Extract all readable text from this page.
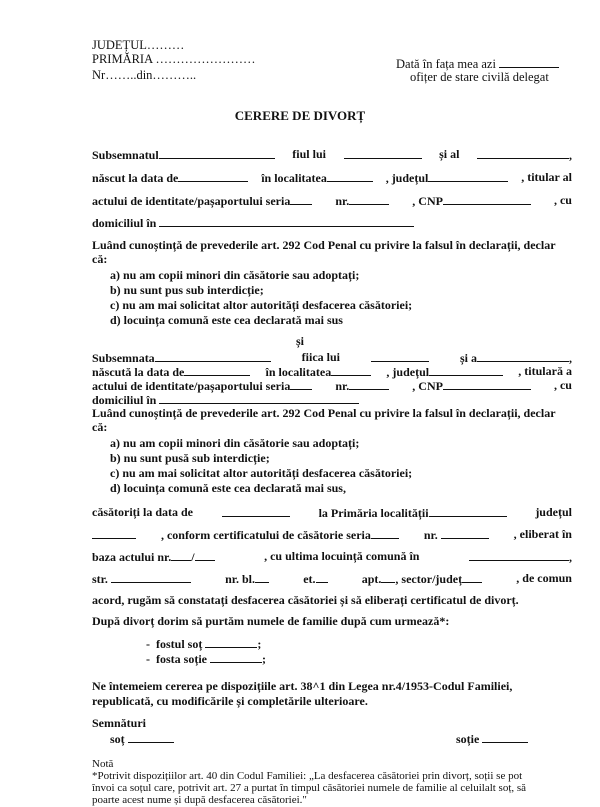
JUDEȚUL………
PRIMĂRIA ……………………
Nr……..din………..
Dată în fața mea azi
ofițer de stare civilă delegat
CERERE DE DIVORȚ
Subsemnatul	fiul lui	și al	,
născut la data de	în localitatea	, județul	, titular al
actului de identitate/pașaportului seria	nr.	, CNP	, cu
domiciliul în
Luând cunoștință de prevederile art. 292 Cod Penal cu privire la falsul în declarații, declar
că:
a) nu am copii minori din căsătorie sau adoptați;
b) nu sunt pus sub interdicție;
c) nu am mai solicitat altor autorități desfacerea căsătoriei;
d) locuința comună este cea declarată mai sus
și
Subsemnata	fiica lui	și a	,
născută la data de	în localitatea	, județul	, titulară a
actului de identitate/pașaportului seria	nr.	, CNP	, cu
domiciliul în
Luând cunoștință de prevederile art. 292 Cod Penal cu privire la falsul în declarații, declar
că:
a) nu am copii minori din căsătorie sau adoptați;
b) nu sunt pusă sub interdicție;
c) nu am mai solicitat altor autorități desfacerea căsătoriei;
d) locuința comună este cea declarată mai sus,
căsătoriți la data de	la Primăria localității	județul
, conform certificatului de căsătorie seria	nr.	, eliberat în
baza actului nr. /	, cu ultima locuință comună în	,
str.	nr. bl.	et.	apt. , sector/județ	, de comun
acord, rugăm să constatați desfacerea căsătoriei și să eliberați certificatul de divorț.
După divorț dorim să purtăm numele de familie după cum urmează*:
-  fostul soț	;
-  fosta soție	;
Ne întemeiem cererea pe dispozițiile art. 38^1 din Legea nr.4/1953-Codul Familiei,
republicată, cu modificările și completările ulterioare.
Semnături
soț	soție
Notă
*Potrivit dispozițiilor art. 40 din Codul Familiei: „La desfacerea căsătoriei prin divorț, soții se pot
învoi ca soțul care, potrivit art. 27 a purtat în timpul căsătoriei numele de familie al celuilalt soț, să
poarte acest nume și după desfacerea căsătoriei."
